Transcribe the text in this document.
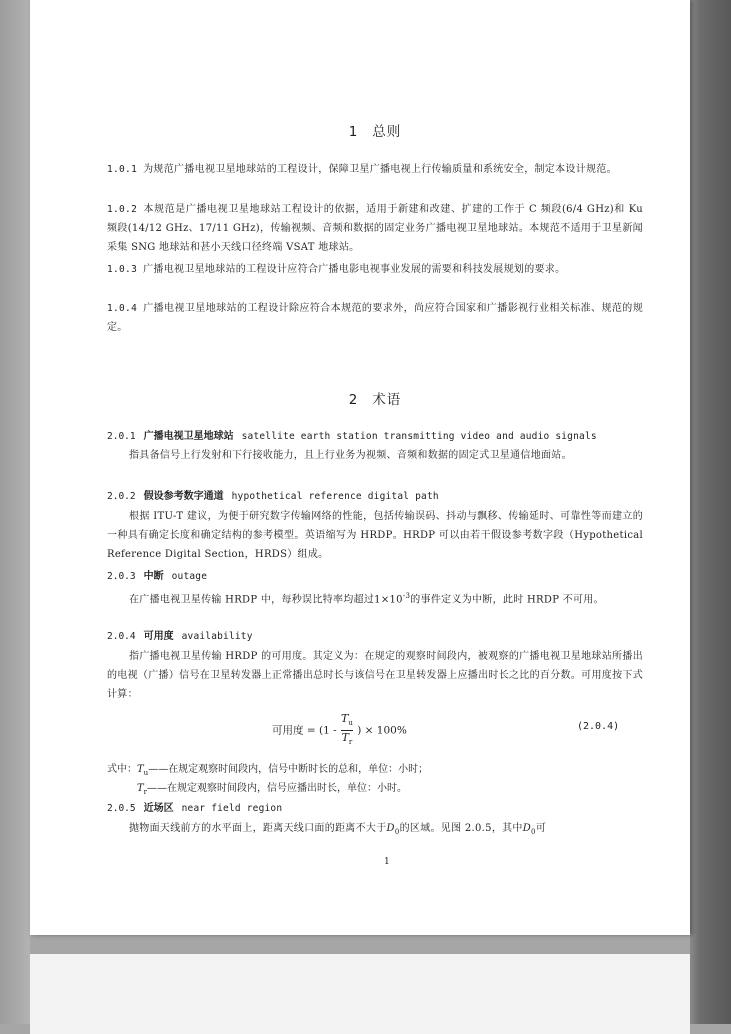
1 总则
1.0.1 为规范广播电视卫星地球站的工程设计，保障卫星广播电视上行传输质量和系统安全，制定本设计规范。
1.0.2 本规范是广播电视卫星地球站工程设计的依据，适用于新建和改建、扩建的工作于 C 频段(6/4 GHz)和 Ku 频段(14/12 GHz、17/11 GHz)，传输视频、音频和数据的固定业务广播电视卫星地球站。本规范不适用于卫星新闻采集 SNG 地球站和甚小天线口径终端 VSAT 地球站。
1.0.3 广播电视卫星地球站的工程设计应符合广播电影电视事业发展的需要和科技发展规划的要求。
1.0.4 广播电视卫星地球站的工程设计除应符合本规范的要求外，尚应符合国家和广播影视行业相关标准、规范的规定。
2 术语
2.0.1 广播电视卫星地球站 satellite earth station transmitting video and audio signals
指具备信号上行发射和下行接收能力，且上行业务为视频、音频和数据的固定式卫星通信地面站。
2.0.2 假设参考数字通道 hypothetical reference digital path
根据 ITU-T 建议，为便于研究数字传输网络的性能，包括传输误码、抖动与飘移、传输延时、可靠性等而建立的一种具有确定长度和确定结构的参考模型。英语缩写为 HRDP。HRDP 可以由若干假设参考数字段（Hypothetical Reference Digital Section，HRDS）组成。
2.0.3 中断 outage
在广播电视卫星传输 HRDP 中，每秒误比特率均超过$1\times 10^{-3}$的事件定义为中断，此时 HRDP 不可用。
2.0.4 可用度 availability
指广播电视卫星传输 HRDP 的可用度。其定义为：在规定的观察时间段内，被观察的广播电视卫星地球站所播出的电视（广播）信号在卫星转发器上正常播出总时长与该信号在卫星转发器上应播出时长之比的百分数。可用度按下式计算：
可用度 = ($1 - \frac{T_u}{T_r}$ ) × 100%	(2.0.4)
式中：$T_u——$在规定观察时间段内，信号中断时长的总和，单位：小时；
$T_r——$在规定观察时间段内，信号应播出时长，单位：小时。
2.0.5 近场区 near field region
抛物面天线前方的水平面上，距离天线口面的距离不大于$D_0$的区域。见图 2.0.5，其中$D_0$可
1
